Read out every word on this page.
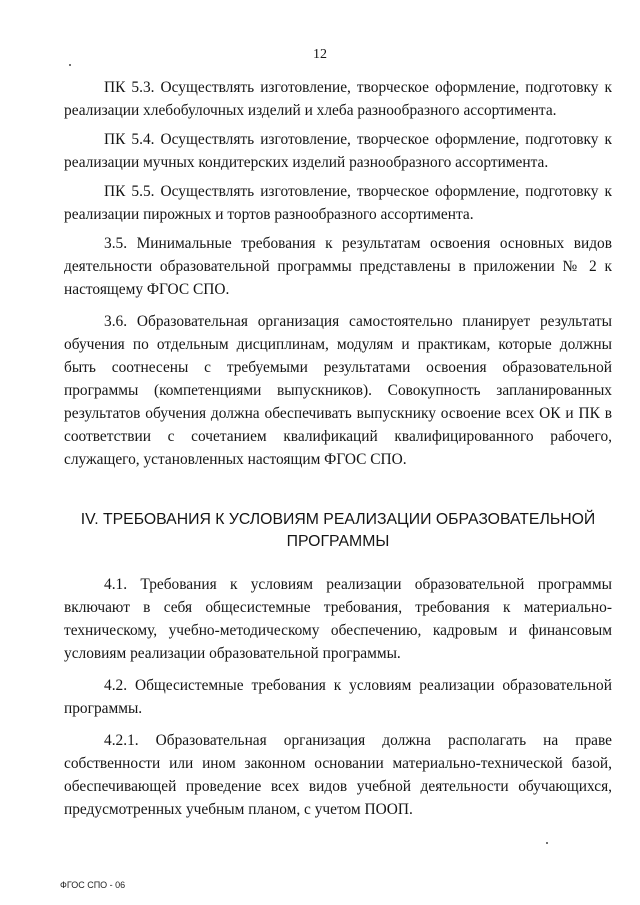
12

ПК 5.3. Осуществлять изготовление, творческое оформление, подготовку к реализации хлебобулочных изделий и хлеба разнообразного ассортимента.

ПК 5.4. Осуществлять изготовление, творческое оформление, подготовку к реализации мучных кондитерских изделий разнообразного ассортимента.

ПК 5.5. Осуществлять изготовление, творческое оформление, подготовку к реализации пирожных и тортов разнообразного ассортимента.

3.5. Минимальные требования к результатам освоения основных видов деятельности образовательной программы представлены в приложении № 2 к настоящему ФГОС СПО.

3.6. Образовательная организация самостоятельно планирует результаты обучения по отдельным дисциплинам, модулям и практикам, которые должны быть соотнесены с требуемыми результатами освоения образовательной программы (компетенциями выпускников). Совокупность запланированных результатов обучения должна обеспечивать выпускнику освоение всех ОК и ПК в соответствии с сочетанием квалификаций квалифицированного рабочего, служащего, установленных настоящим ФГОС СПО.

IV. ТРЕБОВАНИЯ К УСЛОВИЯМ РЕАЛИЗАЦИИ ОБРАЗОВАТЕЛЬНОЙ ПРОГРАММЫ

4.1. Требования к условиям реализации образовательной программы включают в себя общесистемные требования, требования к материально-техническому, учебно-методическому обеспечению, кадровым и финансовым условиям реализации образовательной программы.

4.2. Общесистемные требования к условиям реализации образовательной программы.

4.2.1. Образовательная организация должна располагать на праве собственности или ином законном основании материально-технической базой, обеспечивающей проведение всех видов учебной деятельности обучающихся, предусмотренных учебным планом, с учетом ПООП.

ФГОС СПО - 06
